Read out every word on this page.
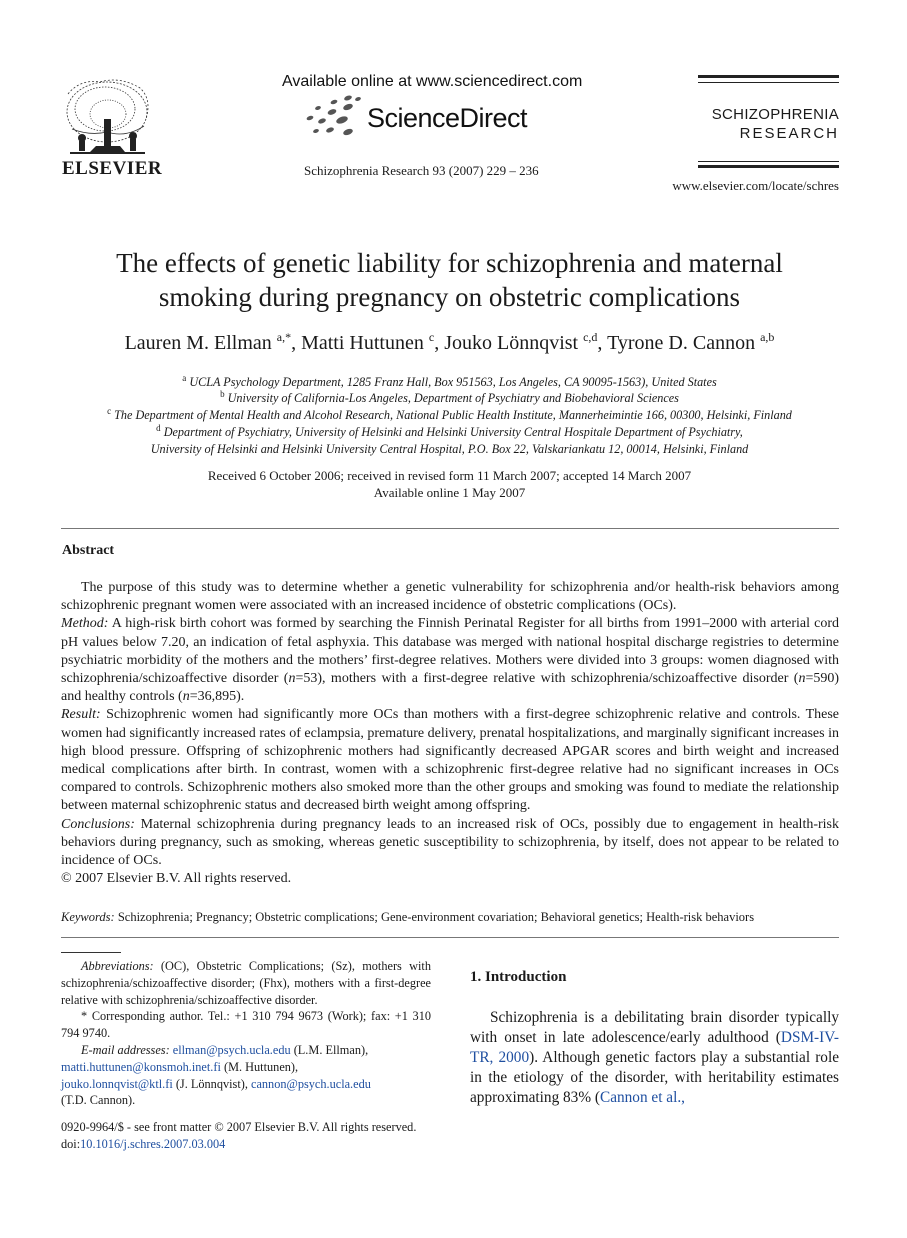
ELSEVIER
Available online at www.sciencedirect.com
ScienceDirect
Schizophrenia Research 93 (2007) 229 – 236
SCHIZOPHRENIA
RESEARCH
www.elsevier.com/locate/schres
The effects of genetic liability for schizophrenia and maternal
smoking during pregnancy on obstetric complications
Lauren M. Ellman $^{a,*}$, Matti Huttunen $^c$, Jouko Lönnqvist $^{c,d}$, Tyrone D. Cannon $^{a,b}$
$^a$ UCLA Psychology Department, 1285 Franz Hall, Box 951563, Los Angeles, CA 90095-1563), United States
$^b$ University of California-Los Angeles, Department of Psychiatry and Biobehavioral Sciences
$^c$ The Department of Mental Health and Alcohol Research, National Public Health Institute, Mannerheimintie 166, 00300, Helsinki, Finland
$^d$ Department of Psychiatry, University of Helsinki and Helsinki University Central Hospitale Department of Psychiatry,
University of Helsinki and Helsinki University Central Hospital, P.O. Box 22, Valskariankatu 12, 00014, Helsinki, Finland
Received 6 October 2006; received in revised form 11 March 2007; accepted 14 March 2007
Available online 1 May 2007
Abstract

The purpose of this study was to determine whether a genetic vulnerability for schizophrenia and/or health-risk behaviors among schizophrenic pregnant women were associated with an increased incidence of obstetric complications (OCs).

Method: A high-risk birth cohort was formed by searching the Finnish Perinatal Register for all births from 1991–2000 with arterial cord pH values below 7.20, an indication of fetal asphyxia. This database was merged with national hospital discharge registries to determine psychiatric morbidity of the mothers and the mothers’ first-degree relatives. Mothers were divided into 3 groups: women diagnosed with schizophrenia/schizoaffective disorder (n=53), mothers with a first-degree relative with schizophrenia/schizoaffective disorder (n=590) and healthy controls (n=36,895).

Result: Schizophrenic women had significantly more OCs than mothers with a first-degree schizophrenic relative and controls. These women had significantly increased rates of eclampsia, premature delivery, prenatal hospitalizations, and marginally significant increases in high blood pressure. Offspring of schizophrenic mothers had significantly decreased APGAR scores and birth weight and increased medical complications after birth. In contrast, women with a schizophrenic first-degree relative had no significant increases in OCs compared to controls. Schizophrenic mothers also smoked more than the other groups and smoking was found to mediate the relationship between maternal schizophrenic status and decreased birth weight among offspring.

Conclusions: Maternal schizophrenia during pregnancy leads to an increased risk of OCs, possibly due to engagement in health-risk behaviors during pregnancy, such as smoking, whereas genetic susceptibility to schizophrenia, by itself, does not appear to be related to incidence of OCs.

© 2007 Elsevier B.V. All rights reserved.

Keywords: Schizophrenia; Pregnancy; Obstetric complications; Gene-environment covariation; Behavioral genetics; Health-risk behaviors

Abbreviations: (OC), Obstetric Complications; (Sz), mothers with schizophrenia/schizoaffective disorder; (Fhx), mothers with a first-degree relative with schizophrenia/schizoaffective disorder.

* Corresponding author. Tel.: +1 310 794 9673 (Work); fax: +1 310 794 9740.

E-mail addresses: ellman@psych.ucla.edu (L.M. Ellman),
matti.huttunen@konsmoh.inet.fi (M. Huttunen),
jouko.lonnqvist@ktl.fi (J. Lönnqvist), cannon@psych.ucla.edu
(T.D. Cannon).

0920-9964/$ - see front matter © 2007 Elsevier B.V. All rights reserved.
doi:10.1016/j.schres.2007.03.004
1. Introduction
Schizophrenia is a debilitating brain disorder typically with onset in late adolescence/early adulthood (DSM-IV-TR, 2000). Although genetic factors play a substantial role in the etiology of the disorder, with heritability estimates approximating 83% (Cannon et al.,
